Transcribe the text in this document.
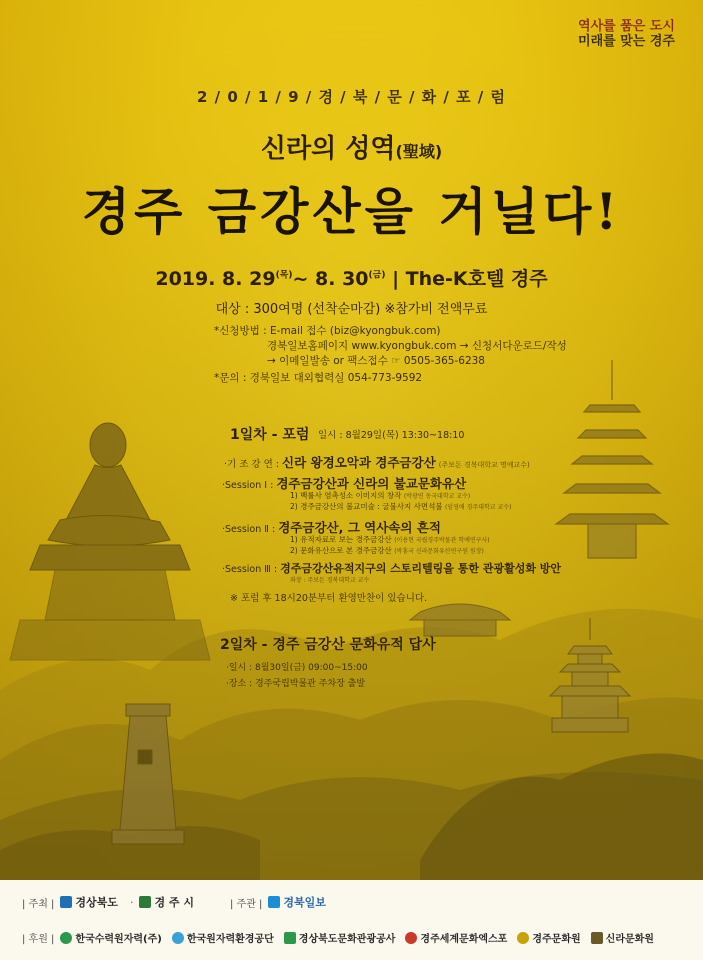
역사를 품은 도시
미래를 맞는 경주
2 / 0 / 1 / 9 / 경 / 북 / 문 / 화 / 포 / 럼
신라의 성역(聖域)
경주 금강산을 거닐다!
2019. 8. $29^{(목)}\sim$ 8. $30^{(금)}$ | The-K호텔 경주
대상 : 300여명 (선착순마감) ※참가비 전액무료
*신청방법 : E-mail 접수 (biz@kyongbuk.com)
경북일보홈페이지 www.kyongbuk.com → 신청서다운로드/작성
→ 이메일발송 or 팩스접수 ☞ 0505-365-6238
*문의 : 경북일보 대외협력실 054-773-9592
1일차 - 포럼 일시 : 8월29일(목) 13:30~18:10
·기 조 강 연 : 신라 왕경오악과 경주금강산 (주보돈 경북대학교 명예교수)
·Session Ⅰ : 경주금강산과 신라의 불교문화유산
1) 백률사 염촉성소 이미지의 창작 (박광연 동국대학교 교수)
2) 경주금강산의 불교미술 : 굴불사지 사면석불 (임영애 경주대학교 교수)
·Session Ⅱ : 경주금강산, 그 역사속의 흔적
1) 유적자료로 보는 경주금강산 (이용현 국립경주박물관 학예연구사)
2) 문화유산으로 본 경주금강산 (박홍국 신라문화유산연구원 원장)
·Session Ⅲ : 경주금강산유적지구의 스토리텔링을 통한 관광활성화 방안
좌장 : 주보돈 경북대학교 교수
※ 포럼 후 18시20분부터 환영만찬이 있습니다.
2일차 - 경주 금강산 문화유적 답사
·일시 : 8월30일(금) 09:00~15:00
·장소 : 경주국립박물관 주차장 출발
| 주최 | 경상북도 · 경 주 시	| 주관 | 경북일보
| 후원 | 한국수력원자력(주)	한국원자력환경공단	경상북도문화관광공사	경주세계문화엑스포	경주문화원	신라문화원
